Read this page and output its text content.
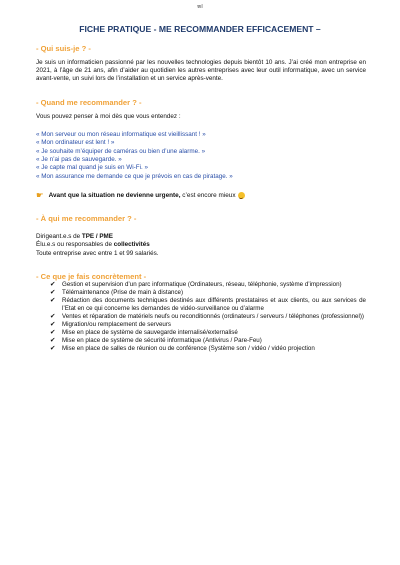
ɐıl
FICHE PRATIQUE - ME RECOMMANDER EFFICACEMENT –

- Qui suis-je ? -

Je suis un informaticien passionné par les nouvelles technologies depuis bientôt 10 ans. J’ai créé mon entreprise en 2021, à l’âge de 21 ans, afin d’aider au quotidien les autres entreprises avec leur outil informatique, avec un service avant-vente, un suivi lors de l’installation et un service après-vente.

- Quand me recommander ? -

Vous pouvez penser à moi dès que vous entendez :

« Mon serveur ou mon réseau informatique est vieillissant ! »
« Mon ordinateur est lent ! »
« Je souhaite m’équiper de caméras ou bien d’une alarme. »
« Je n’ai pas de sauvegarde. »
« Je capte mal quand je suis en Wi-Fi. »
« Mon assurance me demande ce que je prévois en cas de piratage. »

☛ Avant que la situation ne devienne urgente, c’est encore mieux

- À qui me recommander ? -

Dirigeant.e.s de TPE / PME

Élu.e.s ou responsables de collectivités

Toute entreprise avec entre 1 et 99 salariés.

- Ce que je fais concrètement -

✔	Gestion et supervision d’un parc informatique (Ordinateurs, réseau, téléphonie, système d’impression)
✔	Télémaintenance (Prise de main à distance)
✔	Rédaction des documents techniques destinés aux différents prestataires et aux clients, ou aux services de l’Etat en ce qui concerne les demandes de vidéo-surveillance ou d’alarme
✔	Ventes et réparation de matériels neufs ou reconditionnés (ordinateurs / serveurs / téléphones (professionnel))
✔	Migration/ou remplacement de serveurs
✔	Mise en place de système de sauvegarde internalisé/externalisé
✔	Mise en place de système de sécurité informatique (Antivirus / Pare-Feu)
✔	Mise en place de salles de réunion ou de conférence (Système son / vidéo / vidéo projection
